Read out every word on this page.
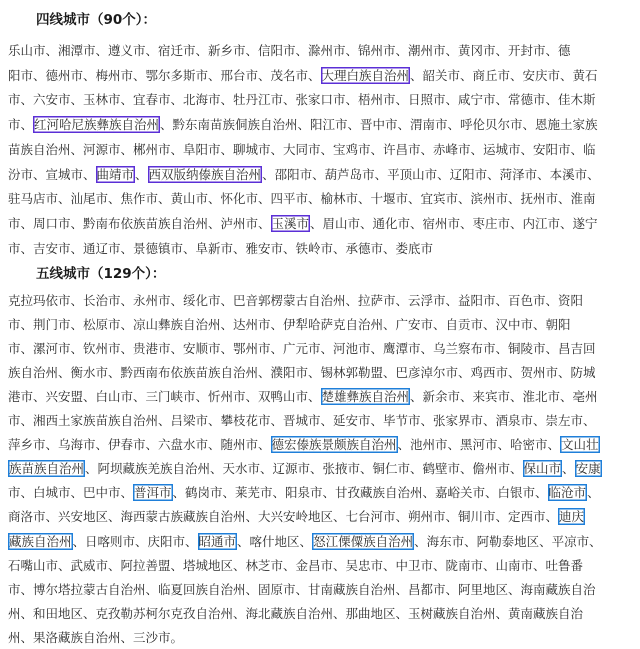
四线城市（90个）：
乐山市、湘潭市、遵义市、宿迁市、新乡市、信阳市、滁州市、锦州市、潮州市、黄冈市、开封市、德
阳市、德州市、梅州市、鄂尔多斯市、邢台市、茂名市、大理白族自治州、韶关市、商丘市、安庆市、黄石
市、六安市、玉林市、宜春市、北海市、牡丹江市、张家口市、梧州市、日照市、咸宁市、常德市、佳木斯
市、红河哈尼族彝族自治州、黔东南苗族侗族自治州、阳江市、晋中市、渭南市、呼伦贝尔市、恩施土家族
苗族自治州、河源市、郴州市、阜阳市、聊城市、大同市、宝鸡市、许昌市、赤峰市、运城市、安阳市、临
汾市、宣城市、曲靖市、西双版纳傣族自治州、邵阳市、葫芦岛市、平顶山市、辽阳市、菏泽市、本溪市、
驻马店市、汕尾市、焦作市、黄山市、怀化市、四平市、榆林市、十堰市、宜宾市、滨州市、抚州市、淮南
市、周口市、黔南布依族苗族自治州、泸州市、玉溪市、眉山市、通化市、宿州市、枣庄市、内江市、遂宁
市、吉安市、通辽市、景德镇市、阜新市、雅安市、铁岭市、承德市、娄底市
五线城市（129个）：
克拉玛依市、长治市、永州市、绥化市、巴音郭楞蒙古自治州、拉萨市、云浮市、益阳市、百色市、资阳
市、荆门市、松原市、凉山彝族自治州、达州市、伊犁哈萨克自治州、广安市、自贡市、汉中市、朝阳
市、漯河市、钦州市、贵港市、安顺市、鄂州市、广元市、河池市、鹰潭市、乌兰察布市、铜陵市、昌吉回
族自治州、衡水市、黔西南布依族苗族自治州、濮阳市、锡林郭勒盟、巴彦淖尔市、鸡西市、贺州市、防城
港市、兴安盟、白山市、三门峡市、忻州市、双鸭山市、楚雄彝族自治州、新余市、来宾市、淮北市、亳州
市、湘西土家族苗族自治州、吕梁市、攀枝花市、晋城市、延安市、毕节市、张家界市、酒泉市、崇左市、
萍乡市、乌海市、伊春市、六盘水市、随州市、德宏傣族景颇族自治州、池州市、黑河市、哈密市、文山壮
族苗族自治州、阿坝藏族羌族自治州、天水市、辽源市、张掖市、铜仁市、鹤壁市、儋州市、保山市、安康
市、白城市、巴中市、普洱市、鹤岗市、莱芜市、阳泉市、甘孜藏族自治州、嘉峪关市、白银市、临沧市、
商洛市、兴安地区、海西蒙古族藏族自治州、大兴安岭地区、七台河市、朔州市、铜川市、定西市、迪庆
藏族自治州、日喀则市、庆阳市、昭通市、喀什地区、怒江傈僳族自治州、海东市、阿勒泰地区、平凉市、
石嘴山市、武威市、阿拉善盟、塔城地区、林芝市、金昌市、吴忠市、中卫市、陇南市、山南市、吐鲁番
市、博尔塔拉蒙古自治州、临夏回族自治州、固原市、甘南藏族自治州、昌都市、阿里地区、海南藏族自治
州、和田地区、克孜勒苏柯尔克孜自治州、海北藏族自治州、那曲地区、玉树藏族自治州、黄南藏族自治
州、果洛藏族自治州、三沙市。
